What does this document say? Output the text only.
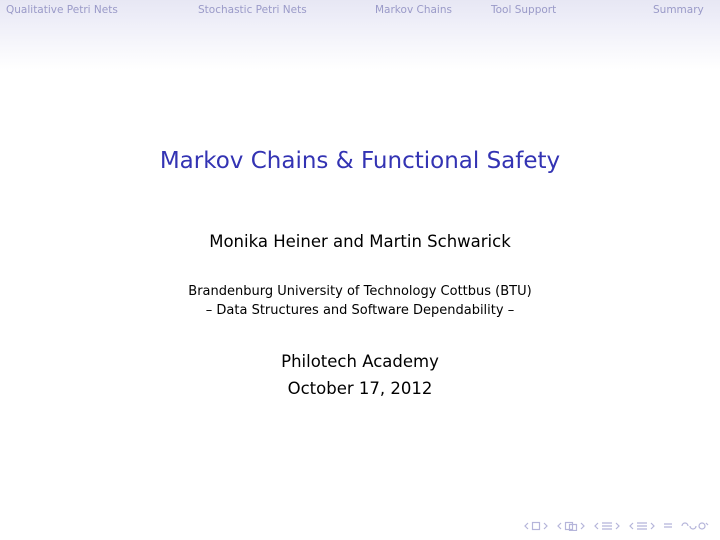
Qualitative Petri Nets	Stochastic Petri Nets	Markov Chains	Tool Support	Summary
Markov Chains & Functional Safety
Monika Heiner and Martin Schwarick
Brandenburg University of Technology Cottbus (BTU)
– Data Structures and Software Dependability –
Philotech Academy
October 17, 2012
